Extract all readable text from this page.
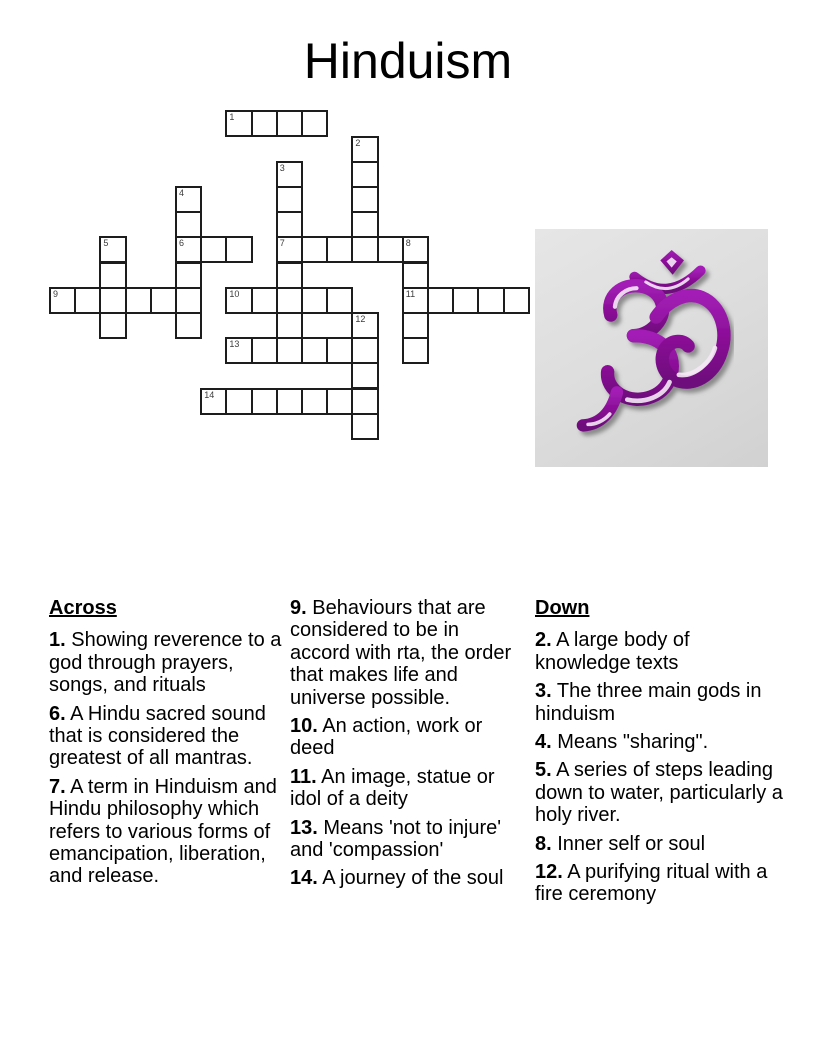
Hinduism
1
2
3
7
4
6
5	8
11
9	10
12
13
14
Across

1. Showing reverence to a god through prayers, songs, and rituals

6. A Hindu sacred sound that is considered the greatest of all mantras.

7. A term in Hinduism and Hindu philosophy which refers to various forms of emancipation, liberation, and release.

9. Behaviours that are considered to be in accord with rta, the order that makes life and universe possible.

10. An action, work or deed

11. An image, statue or idol of a deity

13. Means 'not to injure' and 'compassion'

14. A journey of the soul

Down

2. A large body of knowledge texts

3. The three main gods in hinduism

4. Means "sharing".

5. A series of steps leading down to water, particularly a holy river.

8. Inner self or soul

12. A purifying ritual with a fire ceremony
